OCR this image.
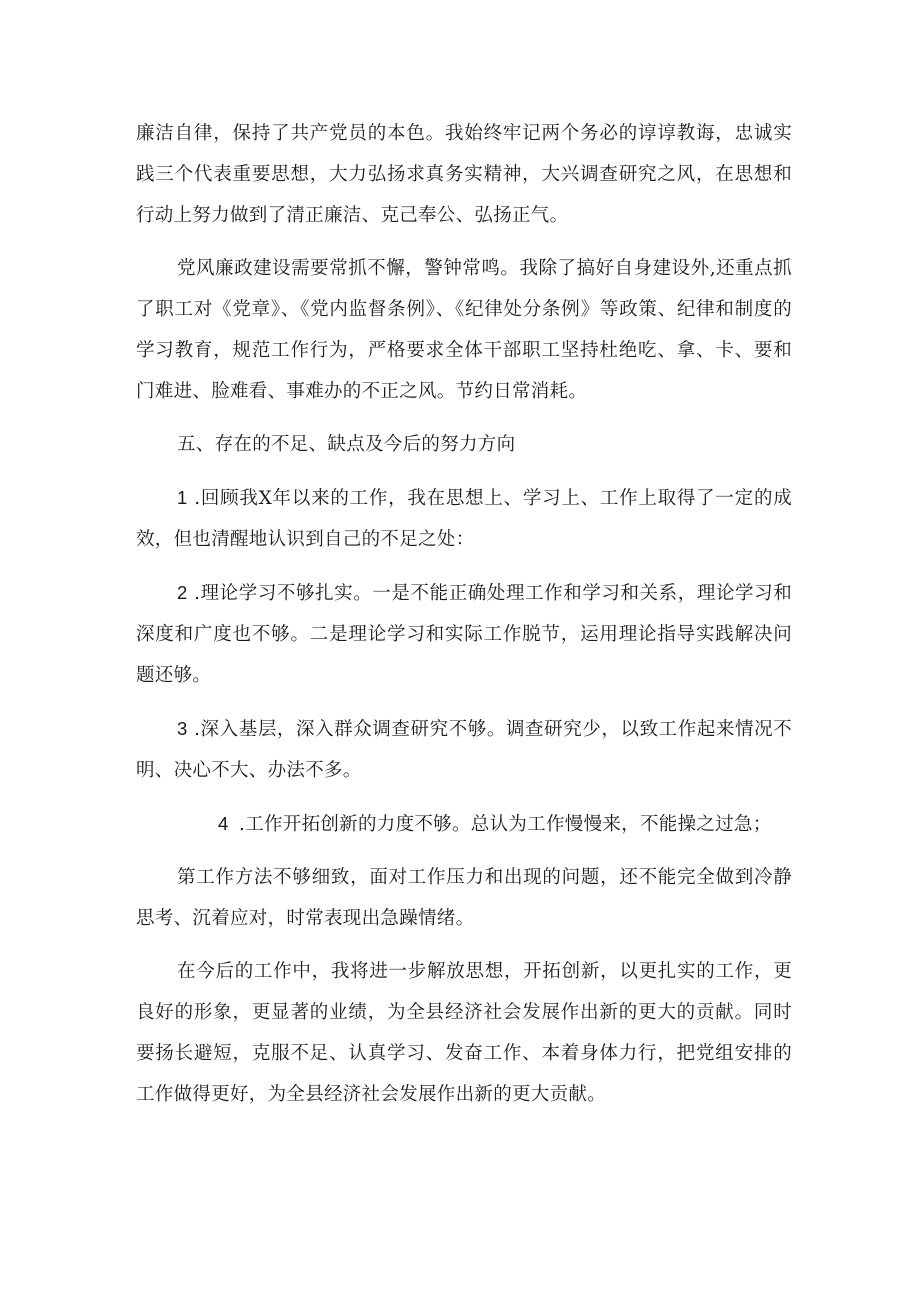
廉洁自律，保持了共产党员的本色。我始终牢记两个务必的谆谆教诲，忠诚实践三个代表重要思想，大力弘扬求真务实精神，大兴调查研究之风，在思想和行动上努力做到了清正廉洁、克己奉公、弘扬正气。

党风廉政建设需要常抓不懈，警钟常鸣。我除了搞好自身建设外,还重点抓了职工对《党章》、《党内监督条例》、《纪律处分条例》等政策、纪律和制度的学习教育，规范工作行为，严格要求全体干部职工坚持杜绝吃、拿、卡、要和门难进、脸难看、事难办的不正之风。节约日常消耗。

五、存在的不足、缺点及今后的努力方向

1 .回顾我X年以来的工作，我在思想上、学习上、工作上取得了一定的成效，但也清醒地认识到自己的不足之处：

2 .理论学习不够扎实。一是不能正确处理工作和学习和关系，理论学习和深度和广度也不够。二是理论学习和实际工作脱节，运用理论指导实践解决问题还够。

3 .深入基层，深入群众调查研究不够。调查研究少，以致工作起来情况不明、决心不大、办法不多。

4 .工作开拓创新的力度不够。总认为工作慢慢来，不能操之过急；

第工作方法不够细致，面对工作压力和出现的问题，还不能完全做到冷静思考、沉着应对，时常表现出急躁情绪。

在今后的工作中，我将进一步解放思想，开拓创新，以更扎实的工作，更良好的形象，更显著的业绩，为全县经济社会发展作出新的更大的贡献。同时要扬长避短，克服不足、认真学习、发奋工作、本着身体力行，把党组安排的工作做得更好，为全县经济社会发展作出新的更大贡献。
